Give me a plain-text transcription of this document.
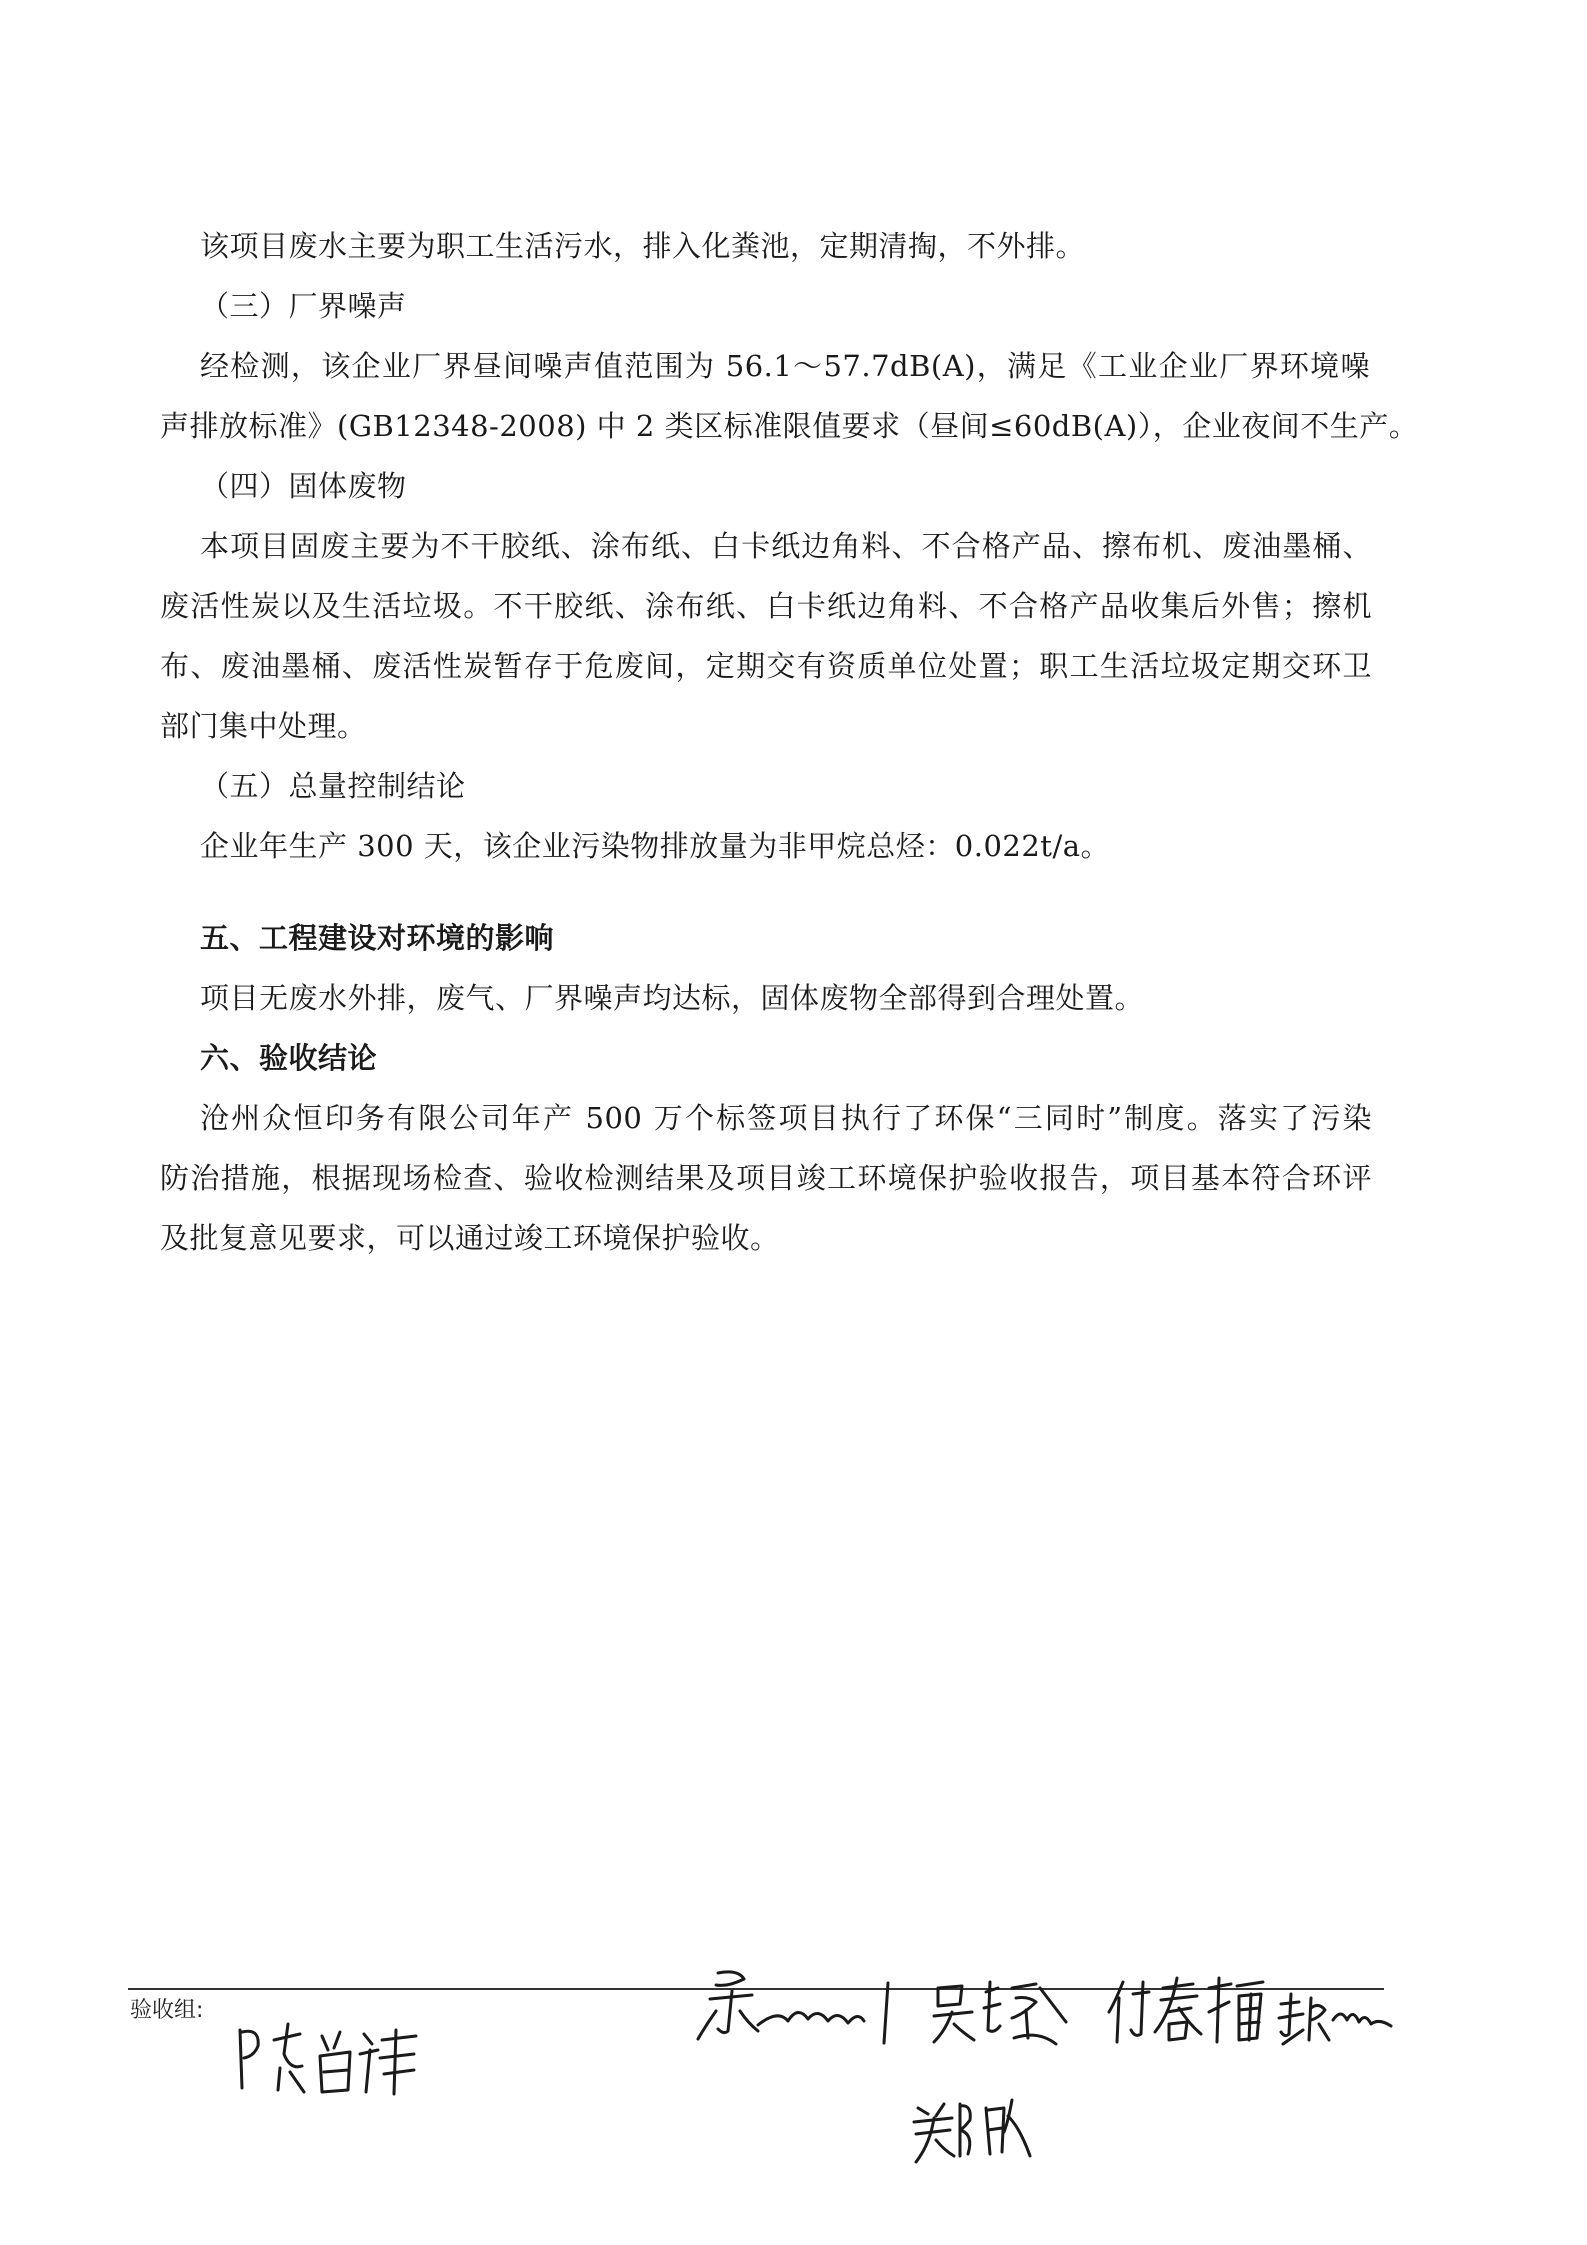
该项目废水主要为职工生活污水，排入化粪池，定期清掏，不外排。
（三）厂界噪声
经检测，该企业厂界昼间噪声值范围为 56.1～57.7dB(A)，满足《工业企业厂界环境噪
声排放标准》(GB12348-2008) 中 2 类区标准限值要求（昼间≤60dB(A)），企业夜间不生产。
（四）固体废物
本项目固废主要为不干胶纸、涂布纸、白卡纸边角料、不合格产品、擦布机、废油墨桶、
废活性炭以及生活垃圾。不干胶纸、涂布纸、白卡纸边角料、不合格产品收集后外售；擦机
布、废油墨桶、废活性炭暂存于危废间，定期交有资质单位处置；职工生活垃圾定期交环卫
部门集中处理。
（五）总量控制结论
企业年生产 300 天，该企业污染物排放量为非甲烷总烃：0.022t/a。
五、工程建设对环境的影响
项目无废水外排，废气、厂界噪声均达标，固体废物全部得到合理处置。
六、验收结论
沧州众恒印务有限公司年产 500 万个标签项目执行了环保“三同时”制度。落实了污染
防治措施，根据现场检查、验收检测结果及项目竣工环境保护验收报告，项目基本符合环评
及批复意见要求，可以通过竣工环境保护验收。
验收组:
